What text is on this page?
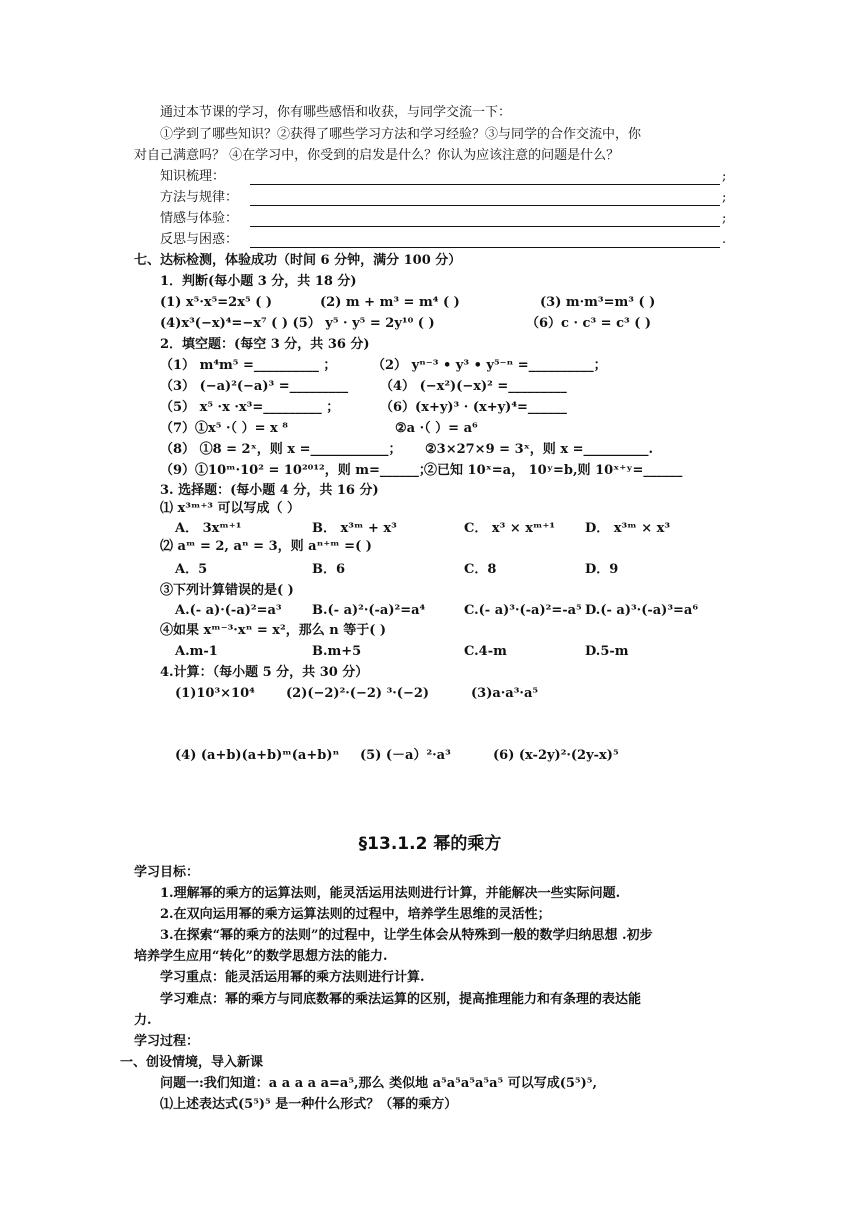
通过本节课的学习，你有哪些感悟和收获，与同学交流一下：
①学到了哪些知识？②获得了哪些学习方法和学习经验？③与同学的合作交流中，你
对自己满意吗？ ④在学习中，你受到的启发是什么？你认为应该注意的问题是什么？
知识梳理：	;
方法与规律：	;
情感与体验：	;
反思与困惑：	.
七、达标检测，体验成功（时间 6 分钟，满分 100 分）
1．判断(每小题 3 分，共 18 分)
(1) x⁵·x⁵=2x⁵ ( )	(2) m + m³ = m⁴ ( )	(3) m·m³=m³ ( )
(4)x³(−x)⁴=−x⁷ ( ) (5） y⁵ · y⁵ = 2y¹⁰ ( )	（6）c · c³ = c³ ( )
2．填空题：(每空 3 分，共 36 分)
（1） m⁴m⁵ =__________ ；	（2） yⁿ⁻³ • y³ • y⁵⁻ⁿ =__________；
（3） (−a)²(−a)³ =_________ （4） (−x²)(−x)² =_________
（5） x⁵ ·x ·x³=_________ ；	（6）(x+y)³ · (x+y)⁴=______
（7）①x⁵ ·（ ）= x ⁸	②a ·（ ）= a⁶
（8） ①8 = 2ˣ，则 x =____________； ②3×27×9 = 3ˣ，则 x =__________.
（9）①10ᵐ·10² = 10²⁰¹²，则 m=______；
②已知 10ˣ=a， 10ʸ=b,则 10ˣ⁺ʸ=______
3. 选择题：(每小题 4 分，共 16 分)
⑴ x³ᵐ⁺³ 可以写成（ ）
A． 3xᵐ⁺¹	B． x³ᵐ + x³	C． x³ × xᵐ⁺¹ D． x³ᵐ × x³
⑵ aᵐ = 2, aⁿ = 3，则 aⁿ⁺ᵐ =( )
A．5	B．6	C．8	D．9
③下列计算错误的是( )
A.(- a)·(-a)²=a³ B.(- a)²·(-a)²=a⁴	C.(- a)³·(-a)²=-a⁵ D.(- a)³·(-a)³=a⁶
④如果 xᵐ⁻³·xⁿ = x²，那么 n 等于( )
A.m-1	B.m+5	C.4-m	D.5-m
4.计算：（每小题 5 分，共 30 分）
(1)10³×10⁴ (2)(−2)²·(−2) ³·(−2)	(3)a·a³·a⁵
(4) (a+b)(a+b)ᵐ(a+b)ⁿ (5) (－a）²·a³	(6) (x-2y)²·(2y-x)⁵
§13.1.2 幂的乘方
学习目标：
1.理解幂的乘方的运算法则，能灵活运用法则进行计算，并能解决一些实际问题.
2.在双向运用幂的乘方运算法则的过程中，培养学生思维的灵活性；
3.在探索“幂的乘方的法则”的过程中，让学生体会从特殊到一般的数学归纳思想 .初步
培养学生应用“转化”的数学思想方法的能力.
学习重点：能灵活运用幂的乘方法则进行计算.
学习难点：幂的乘方与同底数幂的乘法运算的区别，提高推理能力和有条理的表达能
力.
学习过程：
一、创设情境，导入新课
问题一:我们知道：a a a a a=a⁵,那么 类似地 a⁵a⁵a⁵a⁵a⁵ 可以写成(5⁵)⁵,
⑴上述表达式(5⁵)⁵ 是一种什么形式？（幂的乘方）
